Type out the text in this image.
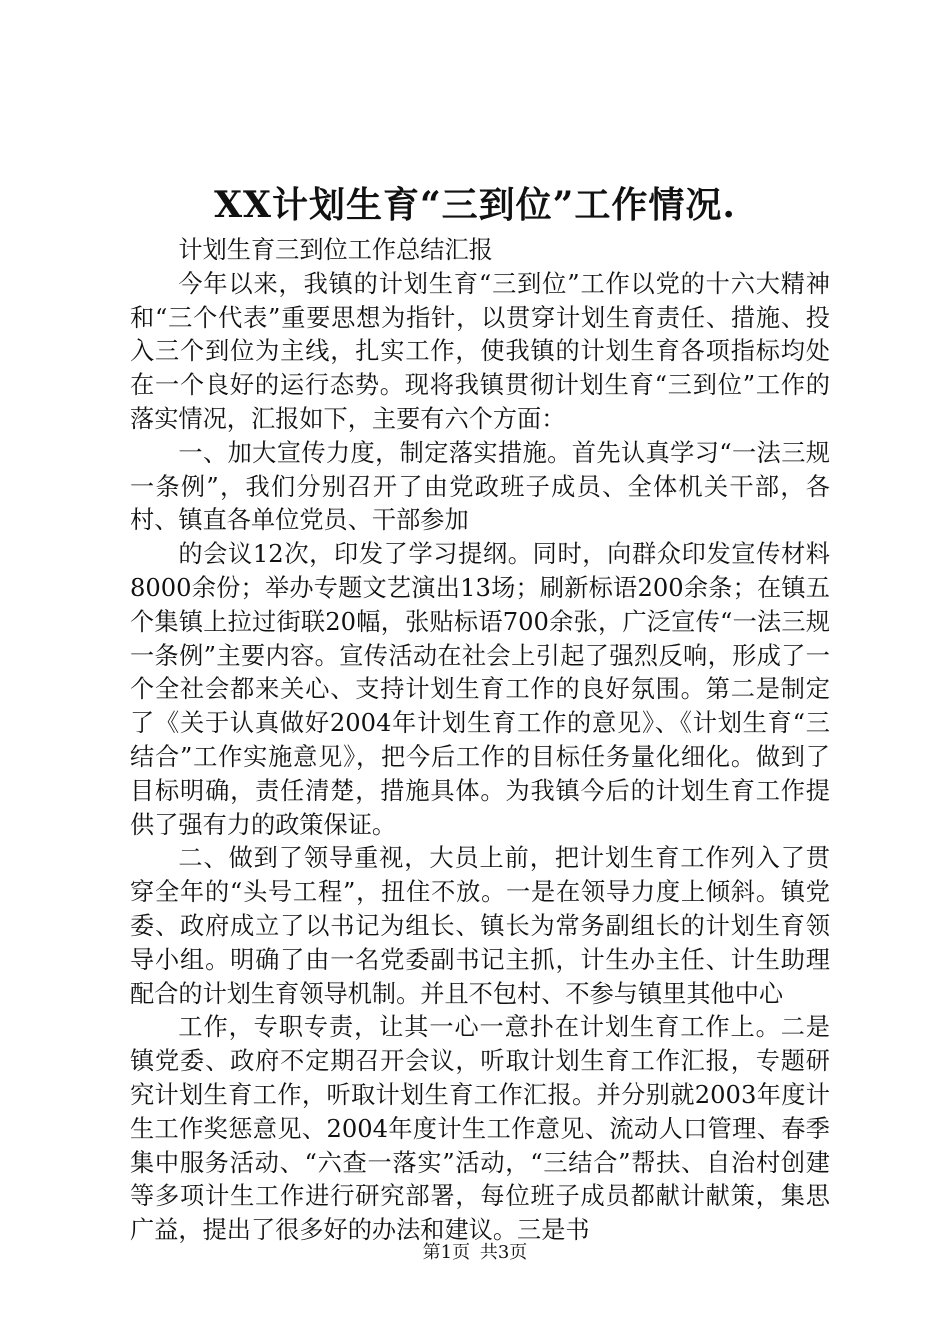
XX计划生育“三到位”工作情况.

计划生育三到位工作总结汇报

今年以来，我镇的计划生育“三到位”工作以党的十六大精神和“三个代表”重要思想为指针，以贯穿计划生育责任、措施、投入三个到位为主线，扎实工作，使我镇的计划生育各项指标均处在一个良好的运行态势。现将我镇贯彻计划生育“三到位”工作的落实情况，汇报如下，主要有六个方面：

一、加大宣传力度，制定落实措施。首先认真学习“一法三规一条例”，我们分别召开了由党政班子成员、全体机关干部，各村、镇直各单位党员、干部参加

的会议12次，印发了学习提纲。同时，向群众印发宣传材料8000余份；举办专题文艺演出13场；刷新标语200余条；在镇五个集镇上拉过街联20幅，张贴标语700余张，广泛宣传“一法三规一条例”主要内容。宣传活动在社会上引起了强烈反响，形成了一个全社会都来关心、支持计划生育工作的良好氛围。第二是制定了《关于认真做好2004年计划生育工作的意见》、《计划生育“三结合”工作实施意见》，把今后工作的目标任务量化细化。做到了目标明确，责任清楚，措施具体。为我镇今后的计划生育工作提供了强有力的政策保证。

二、做到了领导重视，大员上前，把计划生育工作列入了贯穿全年的“头号工程”，扭住不放。一是在领导力度上倾斜。镇党委、政府成立了以书记为组长、镇长为常务副组长的计划生育领导小组。明确了由一名党委副书记主抓，计生办主任、计生助理配合的计划生育领导机制。并且不包村、不参与镇里其他中心

工作，专职专责，让其一心一意扑在计划生育工作上。二是镇党委、政府不定期召开会议，听取计划生育工作汇报，专题研究计划生育工作，听取计划生育工作汇报。并分别就2003年度计生工作奖惩意见、2004年度计生工作意见、流动人口管理、春季集中服务活动、“六查一落实”活动，“三结合”帮扶、自治村创建等多项计生工作进行研究部署，每位班子成员都献计献策，集思广益，提出了很多好的办法和建议。三是书

第1页 共3页
